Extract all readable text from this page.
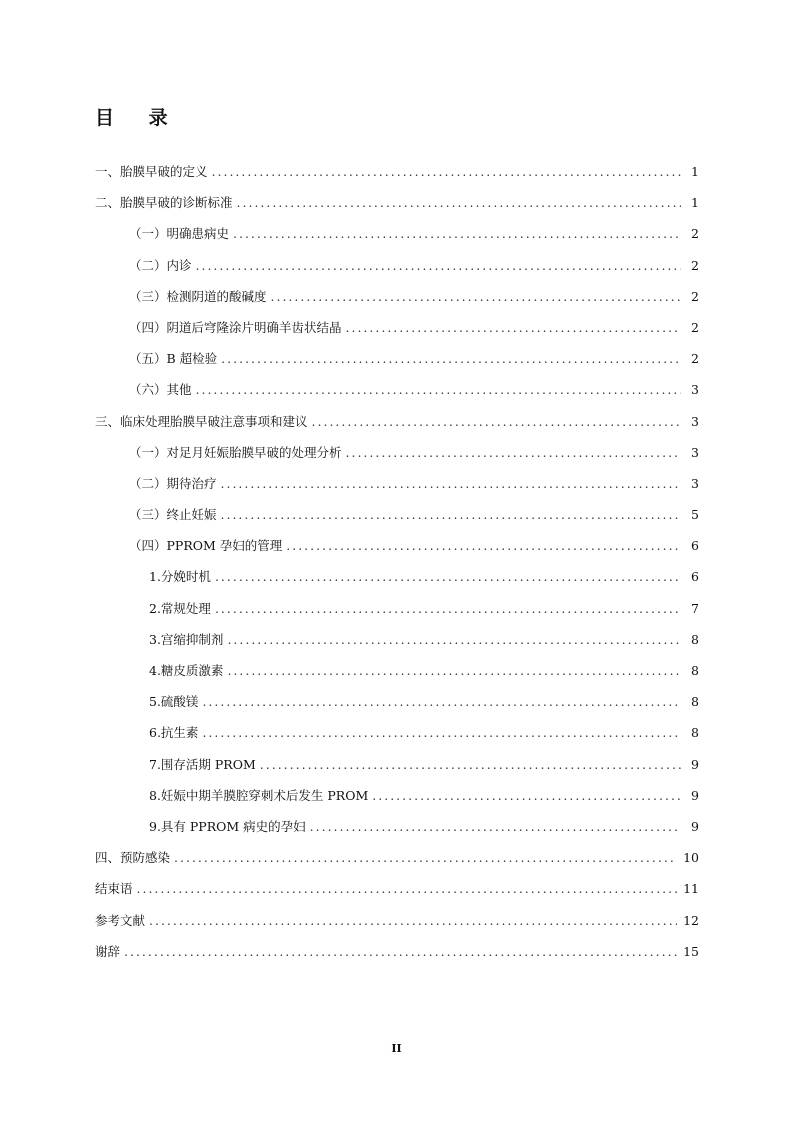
目 录
一、 胎膜早破的定义 .....	1
二、 胎膜早破的诊断标准 .....	1
（一）明确患病史 .....	2
（二）内诊 .....	2
（三）检测阴道的酸碱度 .....	2
（四）阴道后穹隆涂片明确羊齿状结晶 .....	2
（五）B 超检验 .....	2
（六）其他 .....	3
三、 临床处理胎膜早破注意事项和建议 .....	3
（一）对足月妊娠胎膜早破的处理分析 .....	3
（二）期待治疗 .....	3
（三）终止妊娠 .....	5
（四）PPROM 孕妇的管理 .....	6
1.分娩时机 .....	6
2.常规处理 .....	7
3.宫缩抑制剂 .....	8
4.糖皮质激素 .....	8
5.硫酸镁 .....	8
6.抗生素 .....	8
7.围存活期 PROM .....	9
8.妊娠中期羊膜腔穿刺术后发生 PROM .....	9
9.具有 PPROM 病史的孕妇 .....	9
四、 预防感染 .....	10
结束语 .....	11
参考文献 .....	12
谢辞 .....	15
II
